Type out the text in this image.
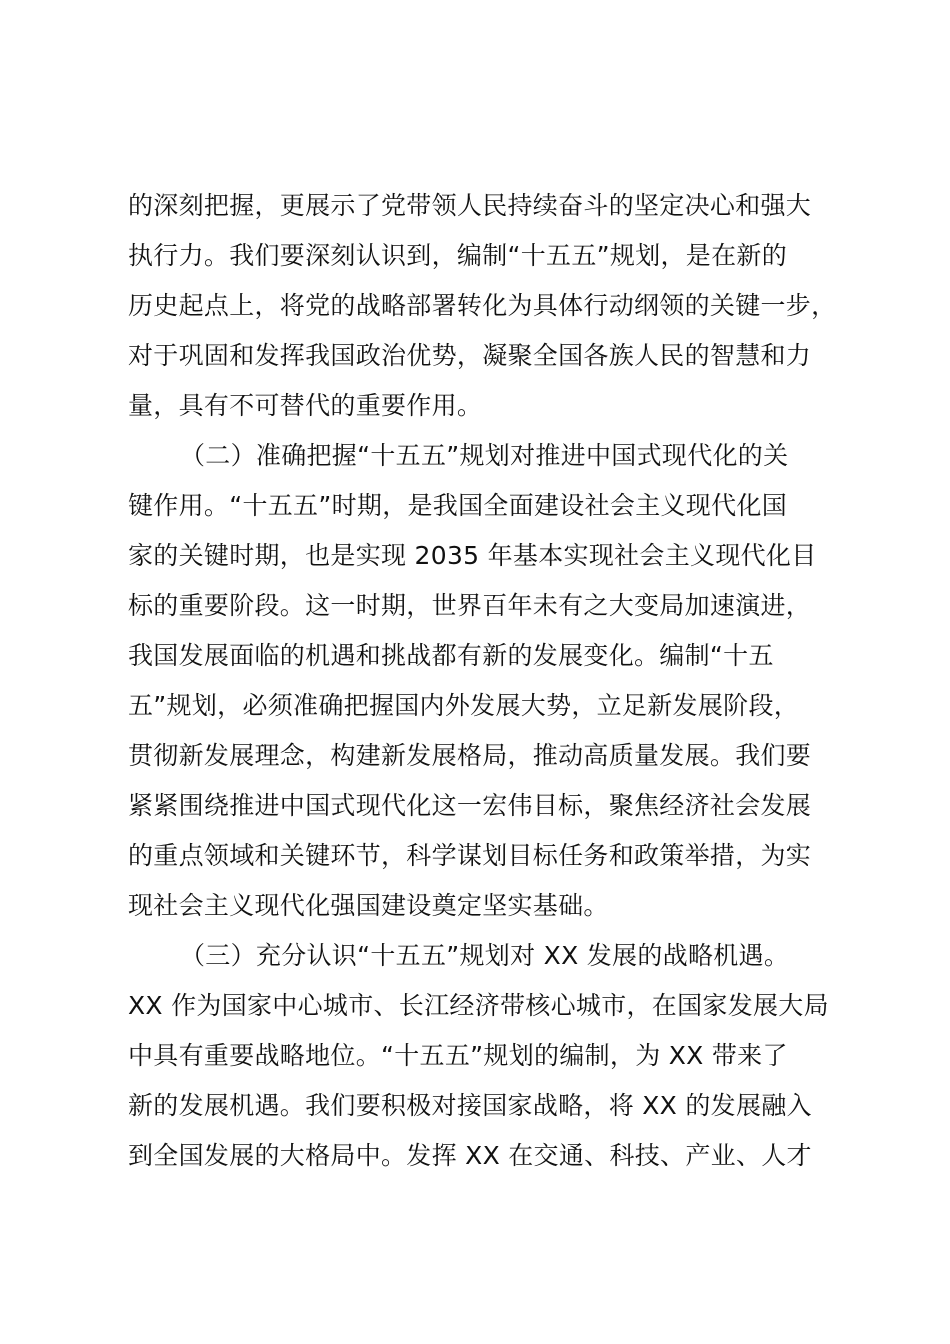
的深刻把握，更展示了党带领人民持续奋斗的坚定决心和强大
执行力。我们要深刻认识到，编制“十五五”规划，是在新的
历史起点上，将党的战略部署转化为具体行动纲领的关键一步，
对于巩固和发挥我国政治优势，凝聚全国各族人民的智慧和力
量，具有不可替代的重要作用。
（二）准确把握“十五五”规划对推进中国式现代化的关
键作用。“十五五”时期，是我国全面建设社会主义现代化国
家的关键时期，也是实现 2035 年基本实现社会主义现代化目
标的重要阶段。这一时期，世界百年未有之大变局加速演进，
我国发展面临的机遇和挑战都有新的发展变化。编制“十五
五”规划，必须准确把握国内外发展大势，立足新发展阶段，
贯彻新发展理念，构建新发展格局，推动高质量发展。我们要
紧紧围绕推进中国式现代化这一宏伟目标，聚焦经济社会发展
的重点领域和关键环节，科学谋划目标任务和政策举措，为实
现社会主义现代化强国建设奠定坚实基础。
（三）充分认识“十五五”规划对 XX 发展的战略机遇。
XX 作为国家中心城市、长江经济带核心城市，在国家发展大局
中具有重要战略地位。“十五五”规划的编制，为 XX 带来了
新的发展机遇。我们要积极对接国家战略，将 XX 的发展融入
到全国发展的大格局中。发挥 XX 在交通、科技、产业、人才
